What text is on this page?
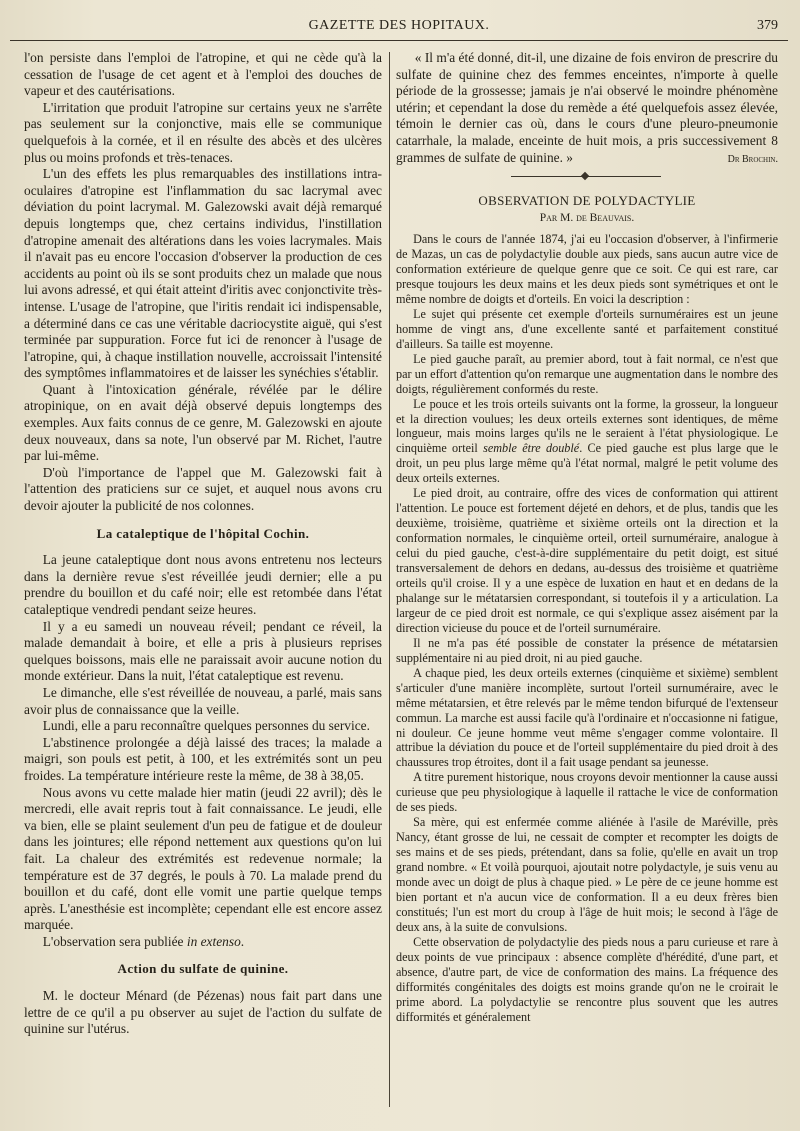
GAZETTE DES HOPITAUX.	379

l'on persiste dans l'emploi de l'atropine, et qui ne cède qu'à la cessation de l'usage de cet agent et à l'emploi des douches de vapeur et des cautérisations.

L'irritation que produit l'atropine sur certains yeux ne s'arrête pas seulement sur la conjonctive, mais elle se communique quelquefois à la cornée, et il en résulte des abcès et des ulcères plus ou moins profonds et très-tenaces.

L'un des effets les plus remarquables des instillations intra-oculaires d'atropine est l'inflammation du sac lacrymal avec déviation du point lacrymal. M. Galezowski avait déjà remarqué depuis longtemps que, chez certains individus, l'instillation d'atropine amenait des altérations dans les voies lacrymales. Mais il n'avait pas eu encore l'occasion d'observer la production de ces accidents au point où ils se sont produits chez un malade que nous lui avons adressé, et qui était atteint d'iritis avec conjonctivite très-intense. L'usage de l'atropine, que l'iritis rendait ici indispensable, a déterminé dans ce cas une véritable dacriocystite aiguë, qui s'est terminée par suppuration. Force fut ici de renoncer à l'usage de l'atropine, qui, à chaque instillation nouvelle, accroissait l'intensité des symptômes inflammatoires et de laisser les synéchies s'établir.

Quant à l'intoxication générale, révélée par le délire atropinique, on en avait déjà observé depuis longtemps des exemples. Aux faits connus de ce genre, M. Galezowski en ajoute deux nouveaux, dans sa note, l'un observé par M. Richet, l'autre par lui-même.

D'où l'importance de l'appel que M. Galezowski fait à l'attention des praticiens sur ce sujet, et auquel nous avons cru devoir ajouter la publicité de nos colonnes.

La cataleptique de l'hôpital Cochin.

La jeune cataleptique dont nous avons entretenu nos lecteurs dans la dernière revue s'est réveillée jeudi dernier; elle a pu prendre du bouillon et du café noir; elle est retombée dans l'état cataleptique vendredi pendant seize heures.

Il y a eu samedi un nouveau réveil; pendant ce réveil, la malade demandait à boire, et elle a pris à plusieurs reprises quelques boissons, mais elle ne paraissait avoir aucune notion du monde extérieur. Dans la nuit, l'état cataleptique est revenu.

Le dimanche, elle s'est réveillée de nouveau, a parlé, mais sans avoir plus de connaissance que la veille.

Lundi, elle a paru reconnaître quelques personnes du service.

L'abstinence prolongée a déjà laissé des traces; la malade a maigri, son pouls est petit, à 100, et les extrémités sont un peu froides. La température intérieure reste la même, de 38 à 38,05.

Nous avons vu cette malade hier matin (jeudi 22 avril); dès le mercredi, elle avait repris tout à fait connaissance. Le jeudi, elle va bien, elle se plaint seulement d'un peu de fatigue et de douleur dans les jointures; elle répond nettement aux questions qu'on lui fait. La chaleur des extrémités est redevenue normale; la température est de 37 degrés, le pouls à 70. La malade prend du bouillon et du café, dont elle vomit une partie quelque temps après. L'anesthésie est incomplète; cependant elle est encore assez marquée.

L'observation sera publiée in extenso.

Action du sulfate de quinine.

M. le docteur Ménard (de Pézenas) nous fait part dans une lettre de ce qu'il a pu observer au sujet de l'action du sulfate de quinine sur l'utérus.

« Il m'a été donné, dit-il, une dizaine de fois environ de prescrire du sulfate de quinine chez des femmes enceintes, n'importe à quelle période de la grossesse; jamais je n'ai observé le moindre phénomène utérin; et cependant la dose du remède a été quelquefois assez élevée, témoin le dernier cas où, dans le cours d'une pleuro-pneumonie catarrhale, la malade, enceinte de huit mois, a pris successivement 8 grammes de sulfate de quinine. »	Dr Brochin.

OBSERVATION DE POLYDACTYLIE
Par M. de Beauvais.

Dans le cours de l'année 1874, j'ai eu l'occasion d'observer, à l'infirmerie de Mazas, un cas de polydactylie double aux pieds, sans aucun autre vice de conformation extérieure de quelque genre que ce soit. Ce qui est rare, car presque toujours les deux mains et les deux pieds sont symétriques et ont le même nombre de doigts et d'orteils. En voici la description :

Le sujet qui présente cet exemple d'orteils surnuméraires est un jeune homme de vingt ans, d'une excellente santé et parfaitement constitué d'ailleurs. Sa taille est moyenne.

Le pied gauche paraît, au premier abord, tout à fait normal, ce n'est que par un effort d'attention qu'on remarque une augmentation dans le nombre des doigts, régulièrement conformés du reste.

Le pouce et les trois orteils suivants ont la forme, la grosseur, la longueur et la direction voulues; les deux orteils externes sont identiques, de même longueur, mais moins larges qu'ils ne le seraient à l'état physiologique. Le cinquième orteil semble être doublé. Ce pied gauche est plus large que le droit, un peu plus large même qu'à l'état normal, malgré le petit volume des deux orteils externes.

Le pied droit, au contraire, offre des vices de conformation qui attirent l'attention. Le pouce est fortement déjeté en dehors, et de plus, tandis que les deuxième, troisième, quatrième et sixième orteils ont la direction et la conformation normales, le cinquième orteil, orteil surnuméraire, analogue à celui du pied gauche, c'est-à-dire supplémentaire du petit doigt, est situé transversalement de dehors en dedans, au-dessus des troisième et quatrième orteils qu'il croise. Il y a une espèce de luxation en haut et en dedans de la phalange sur le métatarsien correspondant, si toutefois il y a articulation. La largeur de ce pied droit est normale, ce qui s'explique assez aisément par la direction vicieuse du pouce et de l'orteil surnuméraire.

Il ne m'a pas été possible de constater la présence de métatarsien supplémentaire ni au pied droit, ni au pied gauche.

A chaque pied, les deux orteils externes (cinquième et sixième) semblent s'articuler d'une manière incomplète, surtout l'orteil surnuméraire, avec le même métatarsien, et être relevés par le même tendon bifurqué de l'extenseur commun. La marche est aussi facile qu'à l'ordinaire et n'occasionne ni fatigue, ni douleur. Ce jeune homme veut même s'engager comme volontaire. Il attribue la déviation du pouce et de l'orteil supplémentaire du pied droit à des chaussures trop étroites, dont il a fait usage pendant sa jeunesse.

A titre purement historique, nous croyons devoir mentionner la cause aussi curieuse que peu physiologique à laquelle il rattache le vice de conformation de ses pieds.

Sa mère, qui est enfermée comme aliénée à l'asile de Maréville, près Nancy, étant grosse de lui, ne cessait de compter et recompter les doigts de ses mains et de ses pieds, prétendant, dans sa folie, qu'elle en avait un trop grand nombre. « Et voilà pourquoi, ajoutait notre polydactyle, je suis venu au monde avec un doigt de plus à chaque pied. » Le père de ce jeune homme est bien portant et n'a aucun vice de conformation. Il a eu deux frères bien constitués; l'un est mort du croup à l'âge de huit mois; le second à l'âge de deux ans, à la suite de convulsions.

Cette observation de polydactylie des pieds nous a paru curieuse et rare à deux points de vue principaux : absence complète d'hérédité, d'une part, et absence, d'autre part, de vice de conformation des mains. La fréquence des difformités congénitales des doigts est moins grande qu'on ne le croirait le prime abord. La polydactylie se rencontre plus souvent que les autres difformités et généralement
